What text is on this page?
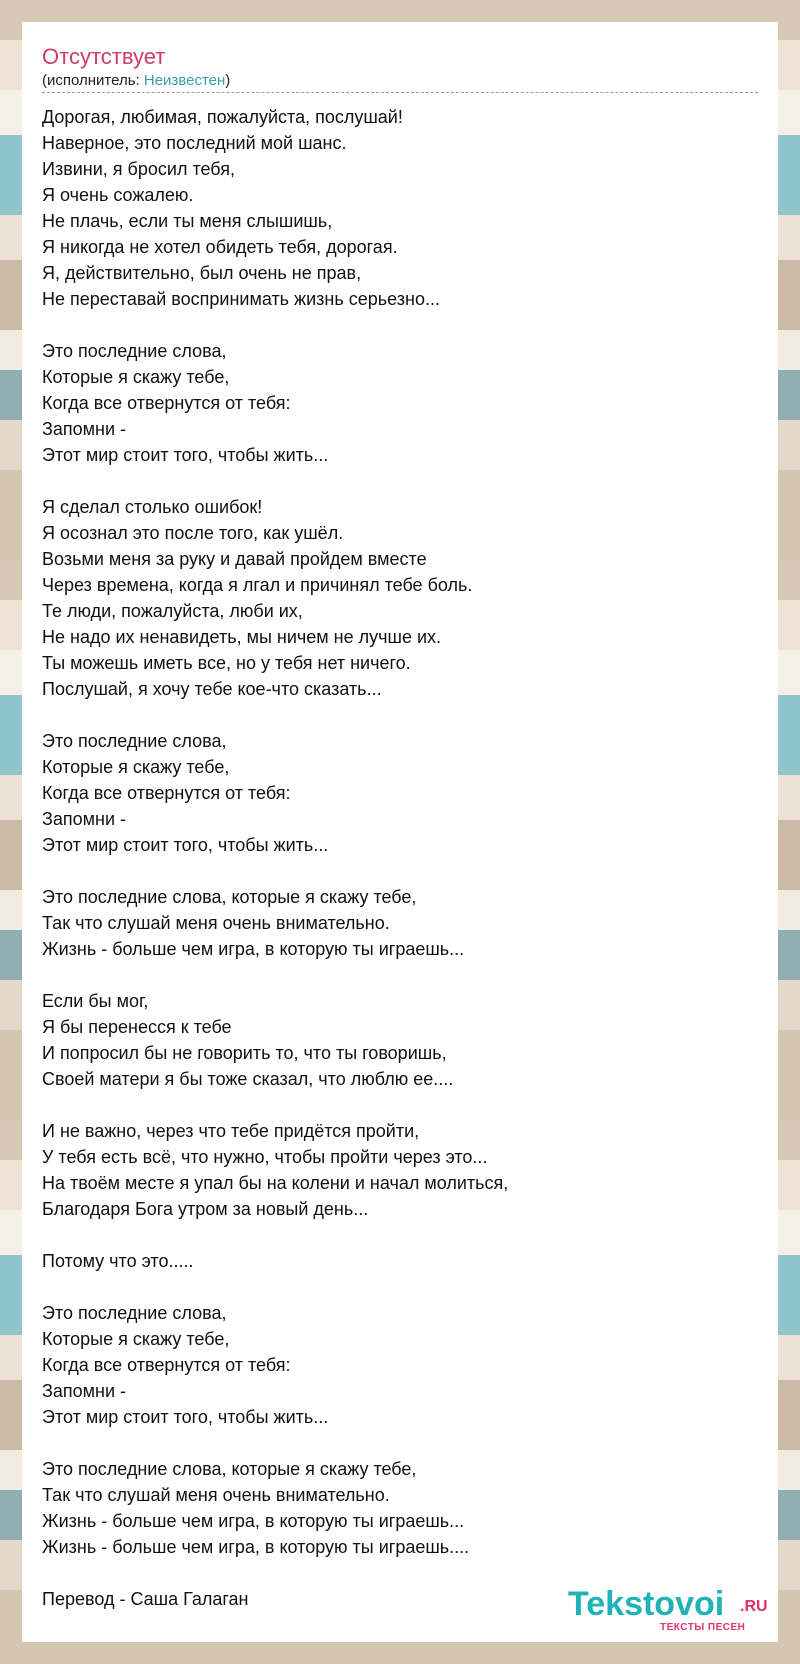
Отсутствует
(исполнитель: Неизвестен)
Дорогая, любимая, пожалуйста, послушай!
Наверное, это последний мой шанс.
Извини, я бросил тебя,
Я очень сожалею.
Не плачь, если ты меня слышишь,
Я никогда не хотел обидеть тебя, дорогая.
Я, действительно, был очень не прав,
Не переставай воспринимать жизнь серьезно...

Это последние слова,
Которые я скажу тебе,
Когда все отвернутся от тебя:
Запомни -
Этот мир стоит того, чтобы жить...

Я сделал столько ошибок!
Я осознал это после того, как ушёл.
Возьми меня за руку и давай пройдем вместе
Через времена, когда я лгал и причинял тебе боль.
Те люди, пожалуйста, люби их,
Не надо их ненавидеть, мы ничем не лучше их.
Ты можешь иметь все, но у тебя нет ничего.
Послушай, я хочу тебе кое-что сказать...

Это последние слова,
Которые я скажу тебе,
Когда все отвернутся от тебя:
Запомни -
Этот мир стоит того, чтобы жить...

Это последние слова, которые я скажу тебе,
Так что слушай меня очень внимательно.
Жизнь - больше чем игра, в которую ты играешь...

Если бы мог,
Я бы перенесся к тебе
И попросил бы не говорить то, что ты говоришь,
Своей матери я бы тоже сказал, что люблю ее....

И не важно, через что тебе придётся пройти,
У тебя есть всё, что нужно, чтобы пройти через это...
На твоём месте я упал бы на колени и начал молиться,
Благодаря Бога утром за новый день...

Потому что это.....

Это последние слова,
Которые я скажу тебе,
Когда все отвернутся от тебя:
Запомни -
Этот мир стоит того, чтобы жить...

Это последние слова, которые я скажу тебе,
Так что слушай меня очень внимательно.
Жизнь - больше чем игра, в которую ты играешь...
Жизнь - больше чем игра, в которую ты играешь....

Перевод - Саша Галаган	Tekstovoi .RU
ТЕКСТЫ ПЕСЕН
